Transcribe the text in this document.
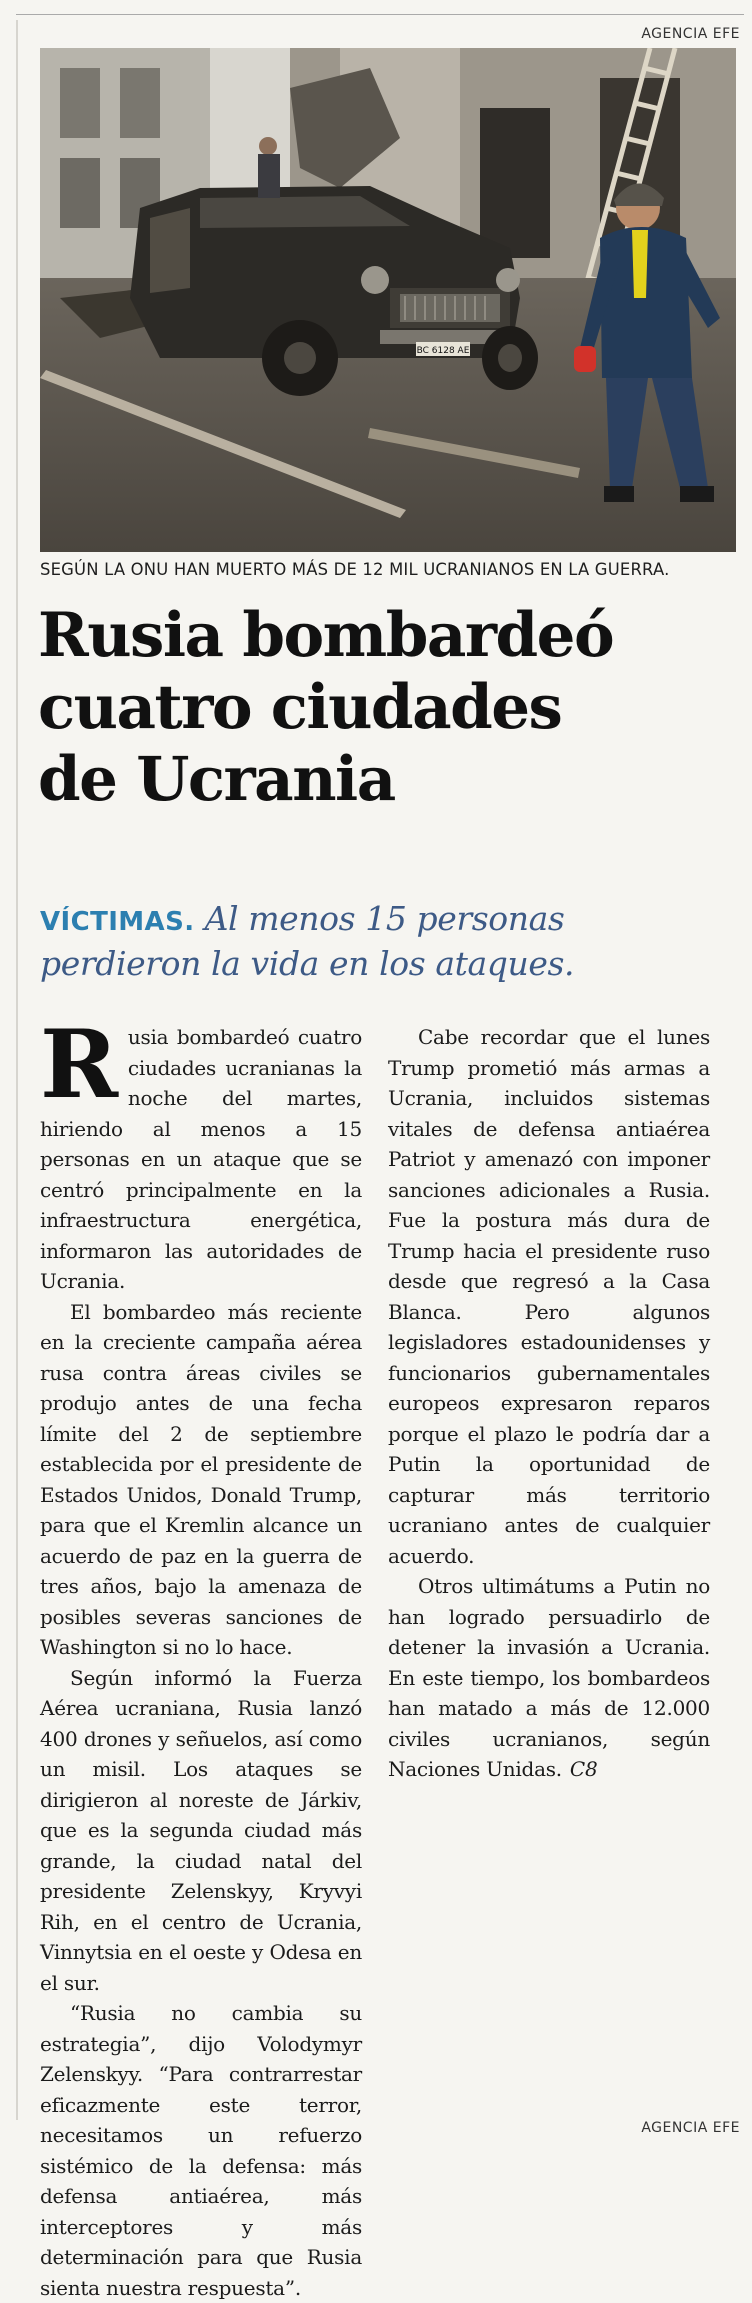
AGENCIA EFE
BC 6128 AE
SEGÚN LA ONU HAN MUERTO MÁS DE 12 MIL UCRANIANOS EN LA GUERRA.
Rusia bombardeó
cuatro ciudades
de Ucrania
VÍCTIMAS. Al menos 15 personas
perdieron la vida en los ataques.

Rusia bombardeó cuatro ciudades ucranianas la noche del martes, hiriendo al menos a 15 personas en un ataque que se centró principalmente en la infraestructura energética, informaron las autoridades de Ucrania.

El bombardeo más reciente en la creciente campaña aérea rusa contra áreas civiles se produjo antes de una fecha límite del 2 de septiembre establecida por el presidente de Estados Unidos, Donald Trump, para que el Kremlin alcance un acuerdo de paz en la guerra de tres años, bajo la amenaza de posibles severas sanciones de Washington si no lo hace.

Según informó la Fuerza Aérea ucraniana, Rusia lanzó 400 drones y señuelos, así como un misil. Los ataques se dirigieron al noreste de Járkiv, que es la segunda ciudad más grande, la ciudad natal del presidente Zelenskyy, Kryvyi Rih, en el centro de Ucrania, Vinnytsia en el oeste y Odesa en el sur.

“Rusia no cambia su estrategia”, dijo Volodymyr Zelenskyy. “Para contrarrestar eficazmente este terror, necesitamos un refuerzo sistémico de la defensa: más defensa antiaérea, más interceptores y más determinación para que Rusia sienta nuestra respuesta”.

Cabe recordar que el lunes Trump prometió más armas a Ucrania, incluidos sistemas vitales de defensa antiaérea Patriot y amenazó con imponer sanciones adicionales a Rusia. Fue la postura más dura de Trump hacia el presidente ruso desde que regresó a la Casa Blanca. Pero algunos legisladores estadounidenses y funcionarios gubernamentales europeos expresaron reparos porque el plazo le podría dar a Putin la oportunidad de capturar más territorio ucraniano antes de cualquier acuerdo.

Otros ultimátums a Putin no han logrado persuadirlo de detener la invasión a Ucrania. En este tiempo, los bombardeos han matado a más de 12.000 civiles ucranianos, según Naciones Unidas. C8

AGENCIA EFE
